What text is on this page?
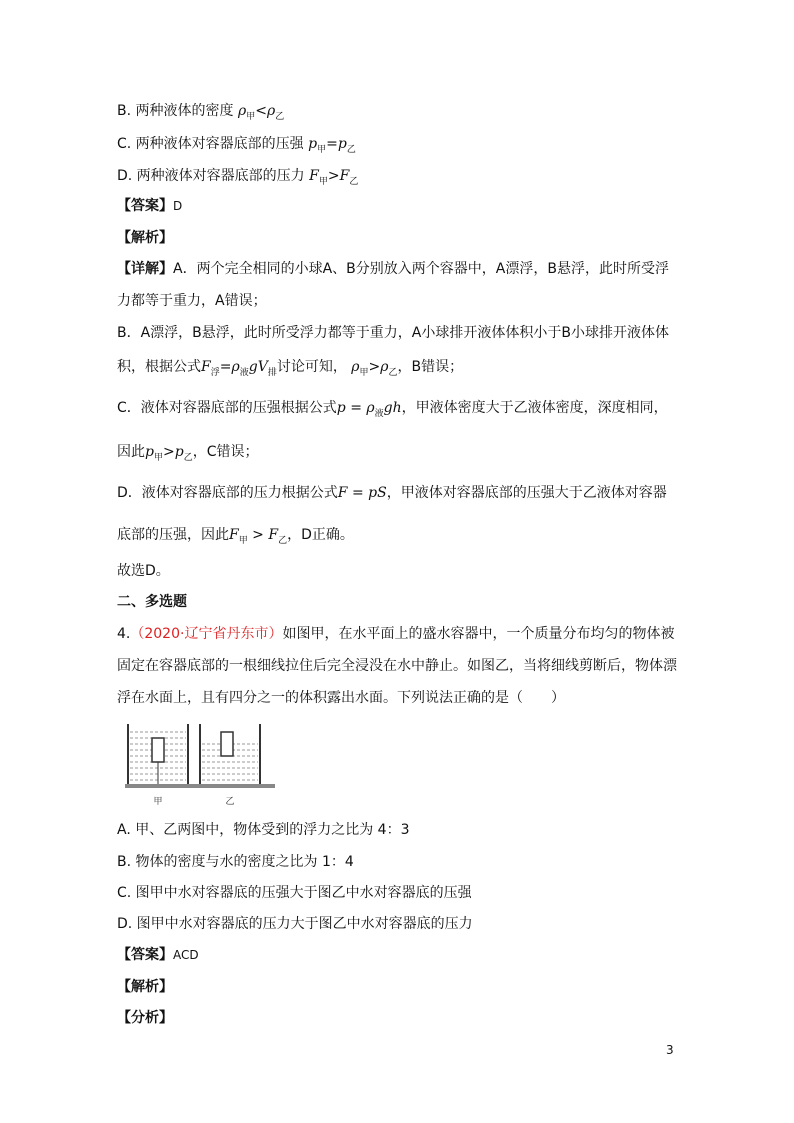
B. 两种液体的密度 $\rho_甲<\rho_乙$
C. 两种液体对容器底部的压强 $p_甲=p_乙$
D. 两种液体对容器底部的压力 $F_甲>F_乙$
【答案】D
【解析】
【详解】A．两个完全相同的小球A、B分别放入两个容器中，A漂浮，B悬浮，此时所受浮
力都等于重力，A错误；
B．A漂浮，B悬浮，此时所受浮力都等于重力，A小球排开液体体积小于B小球排开液体体
积，根据公式$F_浮=\rho_液gV_排$讨论可知， $\rho_甲>\rho_乙$，B错误；
C．液体对容器底部的压强根据公式$p = \rho_液gh$，甲液体密度大于乙液体密度，深度相同，
因此$p_甲>p_乙$，C错误；
D．液体对容器底部的压力根据公式F = pS，甲液体对容器底部的压强大于乙液体对容器
底部的压强，因此$F_甲 > F_乙$，D正确。
故选D。
二、多选题
4.（2020·辽宁省丹东市）如图甲，在水平面上的盛水容器中，一个质量分布均匀的物体被
固定在容器底部的一根细线拉住后完全浸没在水中静止。如图乙，当将细线剪断后，物体漂
浮在水面上，且有四分之一的体积露出水面。下列说法正确的是（　　）
甲	乙
A. 甲、乙两图中，物体受到的浮力之比为 4：3
B. 物体的密度与水的密度之比为 1：4
C. 图甲中水对容器底的压强大于图乙中水对容器底的压强
D. 图甲中水对容器底的压力大于图乙中水对容器底的压力
【答案】ACD
【解析】
【分析】
3
